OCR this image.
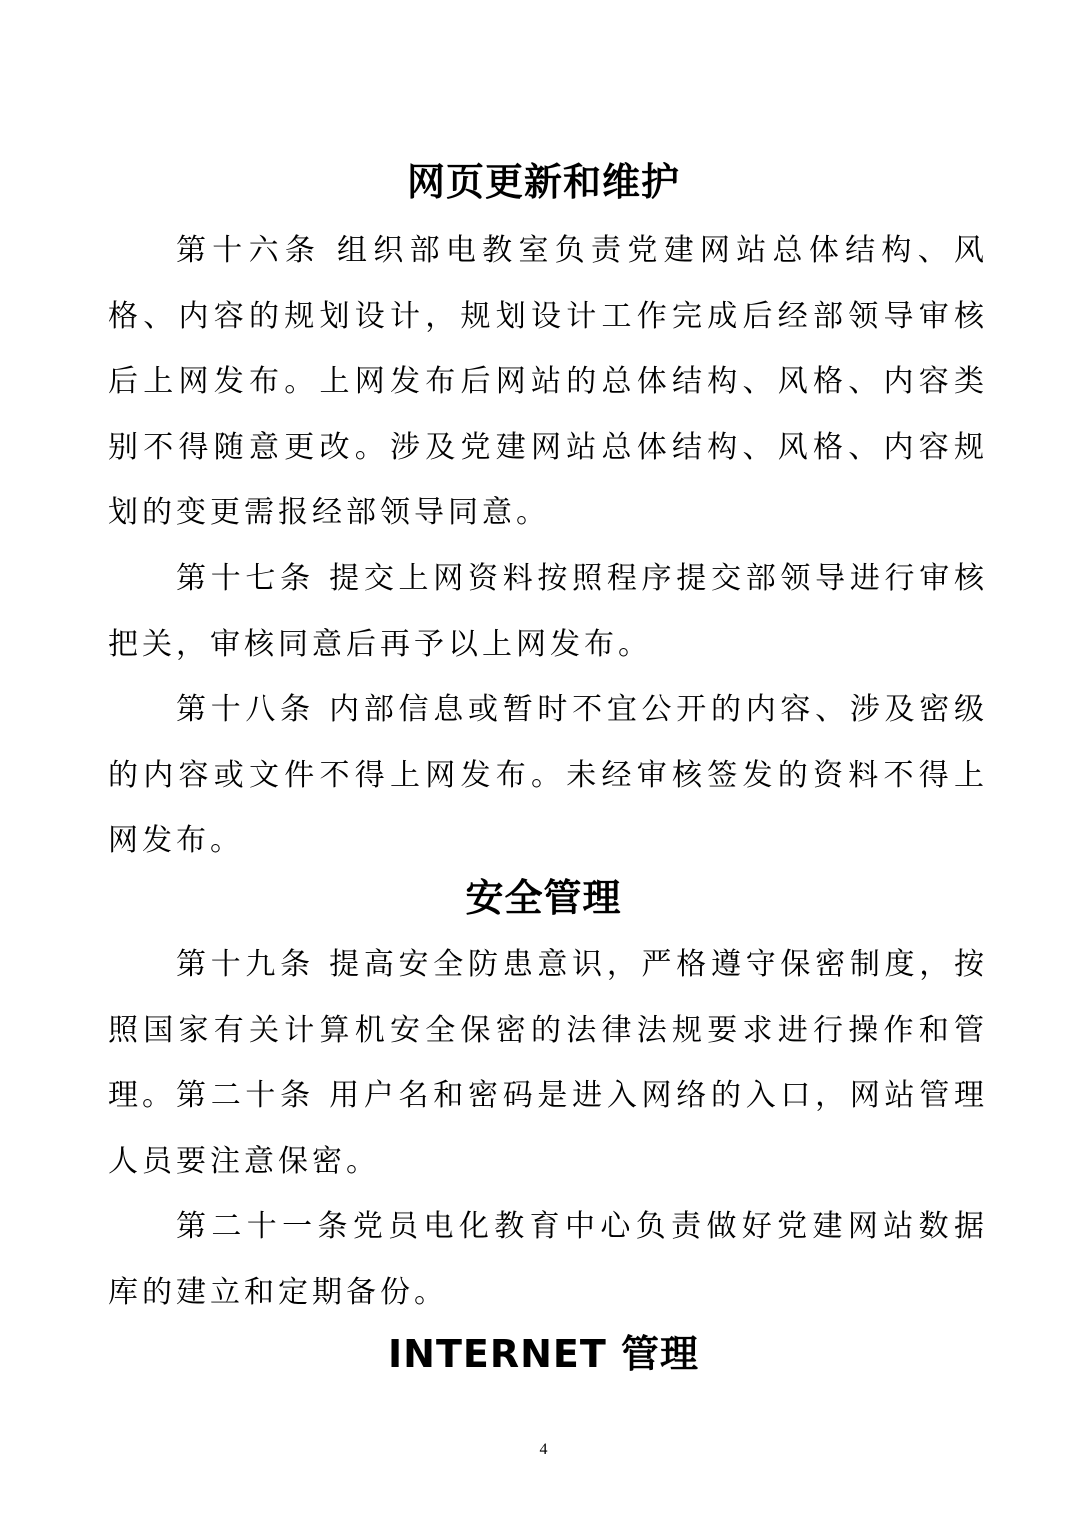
网页更新和维护
第十六条 组织部电教室负责党建网站总体结构、风格、内容的规划设计，规划设计工作完成后经部领导审核后上网发布。上网发布后网站的总体结构、风格、内容类别不得随意更改。涉及党建网站总体结构、风格、内容规划的变更需报经部领导同意。
第十七条 提交上网资料按照程序提交部领导进行审核把关，审核同意后再予以上网发布。
第十八条 内部信息或暂时不宜公开的内容、涉及密级的内容或文件不得上网发布。未经审核签发的资料不得上网发布。
安全管理
第十九条 提高安全防患意识，严格遵守保密制度，按照国家有关计算机安全保密的法律法规要求进行操作和管理。 第二十条 用户名和密码是进入网络的入口，网站管理人员要注意保密。
第二十一条党员电化教育中心负责做好党建网站数据库的建立和定期备份。
INTERNET 管理
4
